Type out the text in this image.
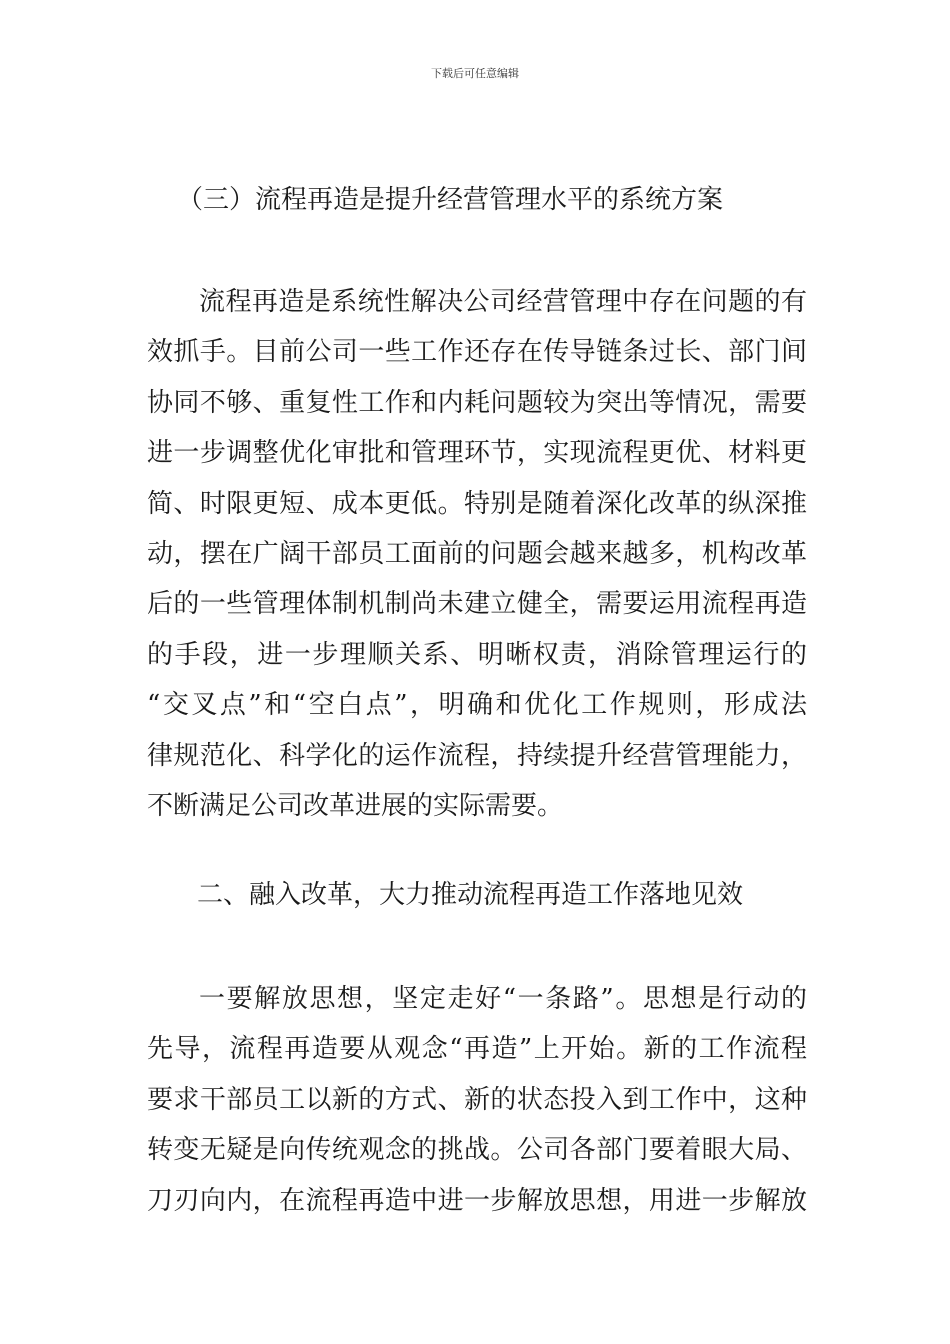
下载后可任意编辑
（三）流程再造是提升经营管理水平的系统方案
流程再造是系统性解决公司经营管理中存在问题的有
效抓手。目前公司一些工作还存在传导链条过长、部门间
协同不够、重复性工作和内耗问题较为突出等情况，需要
进一步调整优化审批和管理环节，实现流程更优、材料更
简、时限更短、成本更低。特别是随着深化改革的纵深推
动，摆在广阔干部员工面前的问题会越来越多，机构改革
后的一些管理体制机制尚未建立健全，需要运用流程再造
的手段，进一步理顺关系、明晰权责，消除管理运行的
“交叉点”和“空白点”，明确和优化工作规则，形成法
律规范化、科学化的运作流程，持续提升经营管理能力，
不断满足公司改革进展的实际需要。
二、融入改革，大力推动流程再造工作落地见效
一要解放思想，坚定走好“一条路”。思想是行动的
先导，流程再造要从观念“再造”上开始。新的工作流程
要求干部员工以新的方式、新的状态投入到工作中，这种
转变无疑是向传统观念的挑战。公司各部门要着眼大局、
刀刃向内，在流程再造中进一步解放思想，用进一步解放
